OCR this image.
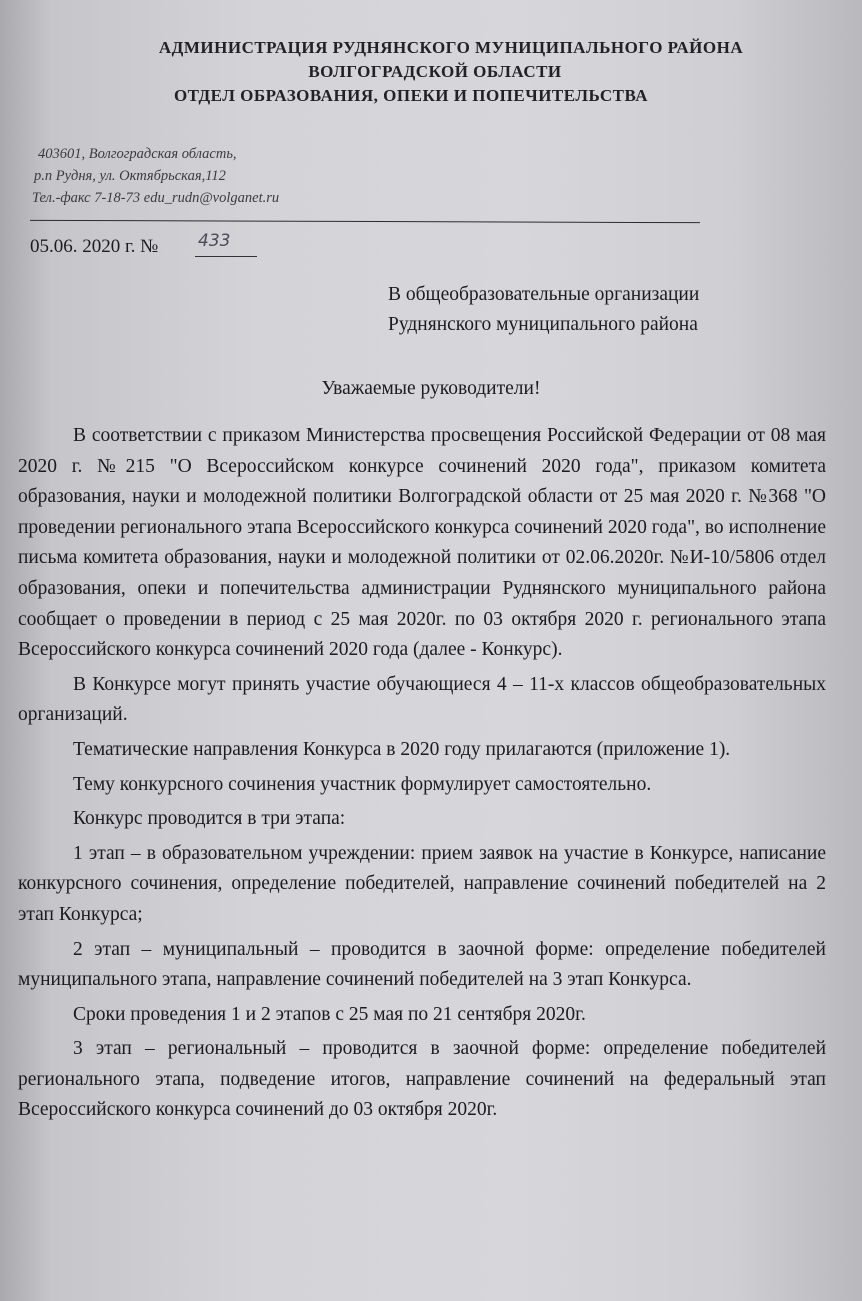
АДМИНИСТРАЦИЯ РУДНЯНСКОГО МУНИЦИПАЛЬНОГО РАЙОНА
ВОЛГОГРАДСКОЙ ОБЛАСТИ
ОТДЕЛ ОБРАЗОВАНИЯ, ОПЕКИ И ПОПЕЧИТЕЛЬСТВА
403601, Волгоградская область,
р.п Рудня, ул. Октябрьская,112
Тел.-факс 7-18-73 edu_rudn@volganet.ru
05.06. 2020 г. № 433
В общеобразовательные организации
Руднянского муниципального района
Уважаемые руководители!

В соответствии с приказом Министерства просвещения Российской Федерации от 08 мая 2020 г. №215 "О Всероссийском конкурсе сочинений 2020 года", приказом комитета образования, науки и молодежной политики Волгоградской области от 25 мая 2020 г. №368 "О проведении регионального этапа Всероссийского конкурса сочинений 2020 года", во исполнение письма комитета образования, науки и молодежной политики от 02.06.2020г. №И-10/5806 отдел образования, опеки и попечительства администрации Руднянского муниципального района сообщает о проведении в период с 25 мая 2020г. по 03 октября 2020 г. регионального этапа Всероссийского конкурса сочинений 2020 года (далее - Конкурс).

В Конкурсе могут принять участие обучающиеся 4 – 11-х классов общеобразовательных организаций.

Тематические направления Конкурса в 2020 году прилагаются (приложение 1).

Тему конкурсного сочинения участник формулирует самостоятельно.

Конкурс проводится в три этапа:

1 этап – в образовательном учреждении: прием заявок на участие в Конкурсе, написание конкурсного сочинения, определение победителей, направление сочинений победителей на 2 этап Конкурса;

2 этап – муниципальный – проводится в заочной форме: определение победителей муниципального этапа, направление сочинений победителей на 3 этап Конкурса.

Сроки проведения 1 и 2 этапов с 25 мая по 21 сентября 2020г.

3 этап – региональный – проводится в заочной форме: определение победителей регионального этапа, подведение итогов, направление сочинений на федеральный этап Всероссийского конкурса сочинений до 03 октября 2020г.
